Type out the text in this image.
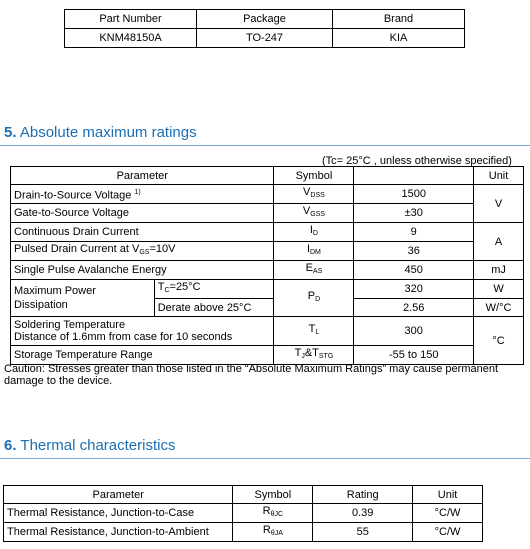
Part Number	Package	Brand
KNM48150A	TO-247	KIA
5. Absolute maximum ratings
(Tc= 25°C , unless otherwise specified)
Parameter		Symbol		Unit
Drain-to-Source Voltage $^{1)}$		$V_{DSS}$	1500	V
Gate-to-Source Voltage		$V_{GSS}$	±30	
Continuous Drain Current		$I_D$	9	A
Pulsed Drain Current at $V_{GS}=10V$		$I_{DM}$	36	
Single Pulse Avalanche Energy		$E_{AS}$	450	mJ
Maximum Power Dissipation	$T_C=25^\circ C$	$P_D$	320	W
	Derate above 25°C		2.56	W/°C

Soldering Temperature
Distance of 1.6mm from case for 10 seconds		$T_L$	300	°C
Storage Temperature Range		$T_J\&T_{STG}$	-55 to 150	
Caution: Stresses greater than those listed in the “Absolute Maximum Ratings” may cause permanent damage to the device.
6. Thermal characteristics
Parameter	Symbol	Rating	Unit
Thermal Resistance, Junction-to-Case	$R_{\theta JC}$	0.39	°C/W
Thermal Resistance, Junction-to-Ambient	$R_{\theta JA}$	55	°C/W
